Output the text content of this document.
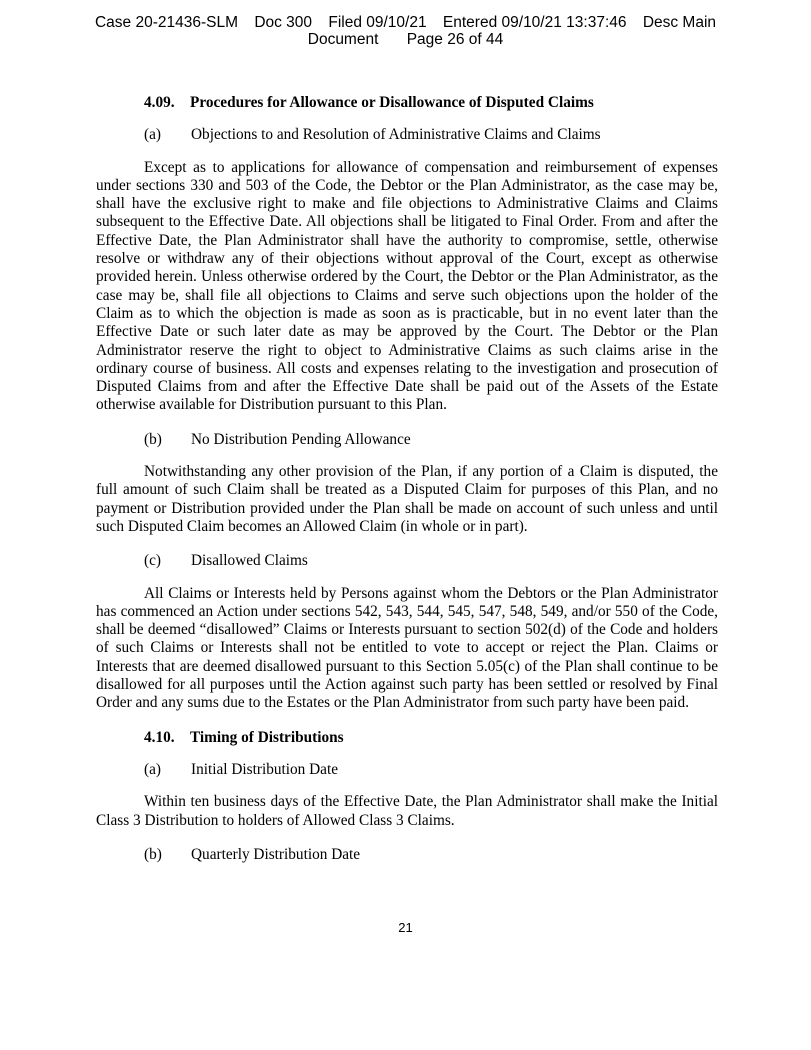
Case 20-21436-SLM Doc 300 Filed 09/10/21 Entered 09/10/21 13:37:46 Desc Main
Document Page 26 of 44
4.09. Procedures for Allowance or Disallowance of Disputed Claims
(a) Objections to and Resolution of Administrative Claims and Claims

Except as to applications for allowance of compensation and reimbursement of expenses under sections 330 and 503 of the Code, the Debtor or the Plan Administrator, as the case may be, shall have the exclusive right to make and file objections to Administrative Claims and Claims subsequent to the Effective Date. All objections shall be litigated to Final Order. From and after the Effective Date, the Plan Administrator shall have the authority to compromise, settle, otherwise resolve or withdraw any of their objections without approval of the Court, except as otherwise provided herein. Unless otherwise ordered by the Court, the Debtor or the Plan Administrator, as the case may be, shall file all objections to Claims and serve such objections upon the holder of the Claim as to which the objection is made as soon as is practicable, but in no event later than the Effective Date or such later date as may be approved by the Court. The Debtor or the Plan Administrator reserve the right to object to Administrative Claims as such claims arise in the ordinary course of business. All costs and expenses relating to the investigation and prosecution of Disputed Claims from and after the Effective Date shall be paid out of the Assets of the Estate otherwise available for Distribution pursuant to this Plan.

(b) No Distribution Pending Allowance

Notwithstanding any other provision of the Plan, if any portion of a Claim is disputed, the full amount of such Claim shall be treated as a Disputed Claim for purposes of this Plan, and no payment or Distribution provided under the Plan shall be made on account of such unless and until such Disputed Claim becomes an Allowed Claim (in whole or in part).

(c) Disallowed Claims

All Claims or Interests held by Persons against whom the Debtors or the Plan Administrator has commenced an Action under sections 542, 543, 544, 545, 547, 548, 549, and/or 550 of the Code, shall be deemed “disallowed” Claims or Interests pursuant to section 502(d) of the Code and holders of such Claims or Interests shall not be entitled to vote to accept or reject the Plan. Claims or Interests that are deemed disallowed pursuant to this Section 5.05(c) of the Plan shall continue to be disallowed for all purposes until the Action against such party has been settled or resolved by Final Order and any sums due to the Estates or the Plan Administrator from such party have been paid.

4.10. Timing of Distributions
(a) Initial Distribution Date

Within ten business days of the Effective Date, the Plan Administrator shall make the Initial Class 3 Distribution to holders of Allowed Class 3 Claims.

(b) Quarterly Distribution Date
21
